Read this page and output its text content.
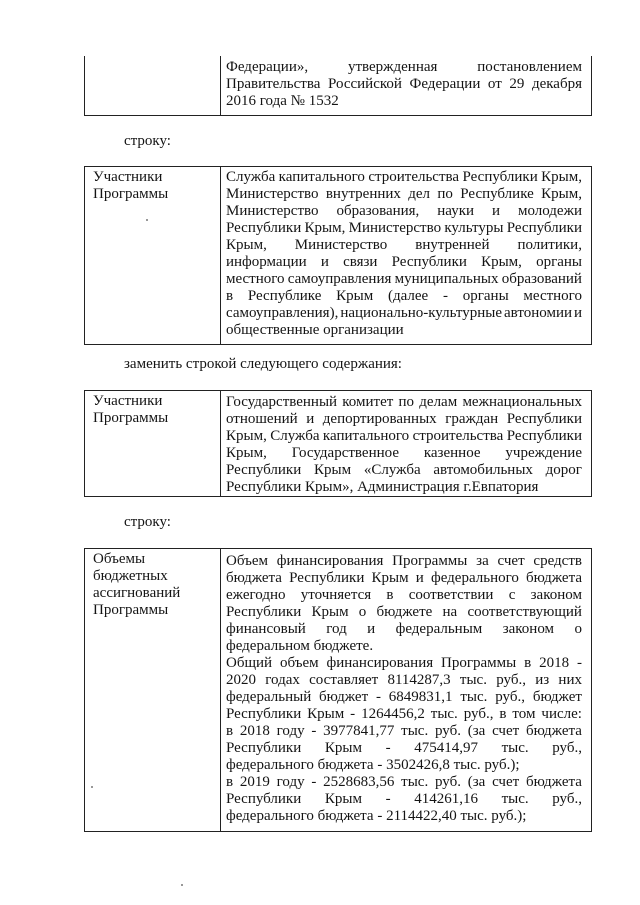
Федерации»,	утвержденная	постановлением
Правительства Российской Федерации от 29 декабря
2016 года № 1532
строку:
Участники
Программы
Служба капитального строительства Республики Крым,
Министерство внутренних дел по Республике Крым,
Министерство образования, науки и молодежи
Республики Крым, Министерство культуры Республики
Крым, Министерство внутренней политики,
информации и связи Республики Крым, органы
местного самоуправления муниципальных образований
в Республике Крым (далее - органы местного
самоуправления), национально-культурные автономии и
общественные организации
заменить строкой следующего содержания:
Участники
Программы
Государственный комитет по делам межнациональных
отношений и депортированных граждан Республики
Крым, Служба капитального строительства Республики
Крым, Государственное казенное учреждение
Республики Крым «Служба автомобильных дорог
Республики Крым», Администрация г.Евпатория
строку:
Объемы
бюджетных
ассигнований
Программы
Объем финансирования Программы за счет средств
бюджета Республики Крым и федерального бюджета
ежегодно уточняется в соответствии с законом
Республики Крым о бюджете на соответствующий
финансовый год и федеральным законом о
федеральном бюджете.
Общий объем финансирования Программы в 2018 -
2020 годах составляет 8114287,3 тыс. руб., из них
федеральный бюджет - 6849831,1 тыс. руб., бюджет
Республики Крым - 1264456,2 тыс. руб., в том числе:
в 2018 году - 3977841,77 тыс. руб. (за счет бюджета
Республики Крым - 475414,97 тыс. руб.,
федерального бюджета - 3502426,8 тыс. руб.);
в 2019 году - 2528683,56 тыс. руб. (за счет бюджета
Республики Крым - 414261,16 тыс. руб.,
федерального бюджета - 2114422,40 тыс. руб.);
